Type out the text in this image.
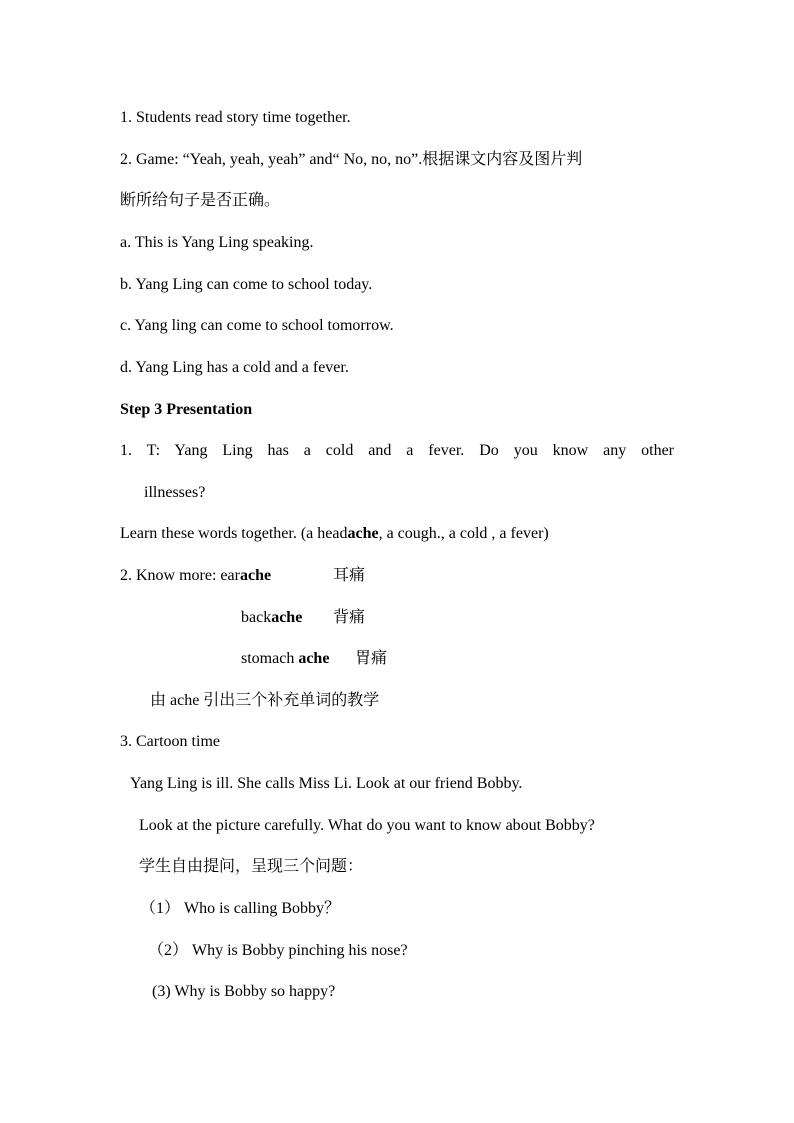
1. Students read story time together.
2. Game: “Yeah, yeah, yeah” and“ No, no, no”.根据课文内容及图片判
断所给句子是否正确。
a. This is Yang Ling speaking.
b. Yang Ling can come to school today.
c. Yang ling can come to school tomorrow.
d. Yang Ling has a cold and a fever.
Step 3 Presentation
1. T: Yang Ling has a cold and a fever. Do you know any other
illnesses?
Learn these words together. (a headache, a cough., a cold , a fever)
2. Know more: earache	耳痛
backache 背痛
stomach ache 胃痛
由 ache 引出三个补充单词的教学
3. Cartoon time
Yang Ling is ill. She calls Miss Li. Look at our friend Bobby.
Look at the picture carefully. What do you want to know about Bobby?
学生自由提问，呈现三个问题：
（1） Who is calling Bobby？
（2） Why is Bobby pinching his nose?
(3) Why is Bobby so happy?
